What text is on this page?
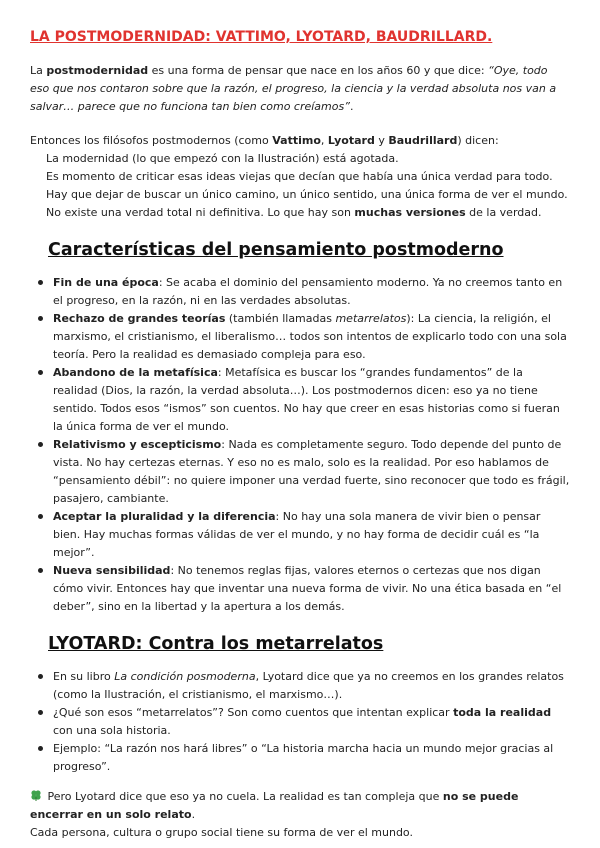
LA POSTMODERNIDAD: VATTIMO, LYOTARD, BAUDRILLARD.

La postmodernidad es una forma de pensar que nace en los años 60 y que dice: “Oye, todo eso que nos contaron sobre que la razón, el progreso, la ciencia y la verdad absoluta nos van a salvar… parece que no funciona tan bien como creíamos”.

Entonces los filósofos postmodernos (como Vattimo, Lyotard y Baudrillard) dicen:

La modernidad (lo que empezó con la Ilustración) está agotada.

Es momento de criticar esas ideas viejas que decían que había una única verdad para todo.

Hay que dejar de buscar un único camino, un único sentido, una única forma de ver el mundo.

No existe una verdad total ni definitiva. Lo que hay son muchas versiones de la verdad.

Características del pensamiento postmoderno
Fin de una época: Se acaba el dominio del pensamiento moderno. Ya no creemos tanto en el progreso, en la razón, ni en las verdades absolutas.
Rechazo de grandes teorías (también llamadas metarrelatos): La ciencia, la religión, el marxismo, el cristianismo, el liberalismo… todos son intentos de explicarlo todo con una sola teoría. Pero la realidad es demasiado compleja para eso.
Abandono de la metafísica: Metafísica es buscar los “grandes fundamentos” de la realidad (Dios, la razón, la verdad absoluta…). Los postmodernos dicen: eso ya no tiene sentido. Todos esos “ismos” son cuentos. No hay que creer en esas historias como si fueran la única forma de ver el mundo.
Relativismo y escepticismo: Nada es completamente seguro. Todo depende del punto de vista. No hay certezas eternas. Y eso no es malo, solo es la realidad. Por eso hablamos de “pensamiento débil”: no quiere imponer una verdad fuerte, sino reconocer que todo es frágil, pasajero, cambiante.
Aceptar la pluralidad y la diferencia: No hay una sola manera de vivir bien o pensar bien. Hay muchas formas válidas de ver el mundo, y no hay forma de decidir cuál es “la mejor”.
Nueva sensibilidad: No tenemos reglas fijas, valores eternos o certezas que nos digan cómo vivir. Entonces hay que inventar una nueva forma de vivir. No una ética basada en “el deber”, sino en la libertad y la apertura a los demás.
LYOTARD: Contra los metarrelatos
En su libro La condición posmoderna, Lyotard dice que ya no creemos en los grandes relatos (como la Ilustración, el cristianismo, el marxismo…).
¿Qué son esos “metarrelatos”? Son como cuentos que intentan explicar toda la realidad con una sola historia.
Ejemplo: “La razón nos hará libres” o “La historia marcha hacia un mundo mejor gracias al progreso”.

Pero Lyotard dice que eso ya no cuela. La realidad es tan compleja que no se puede encerrar en un solo relato.

Cada persona, cultura o grupo social tiene su forma de ver el mundo.
